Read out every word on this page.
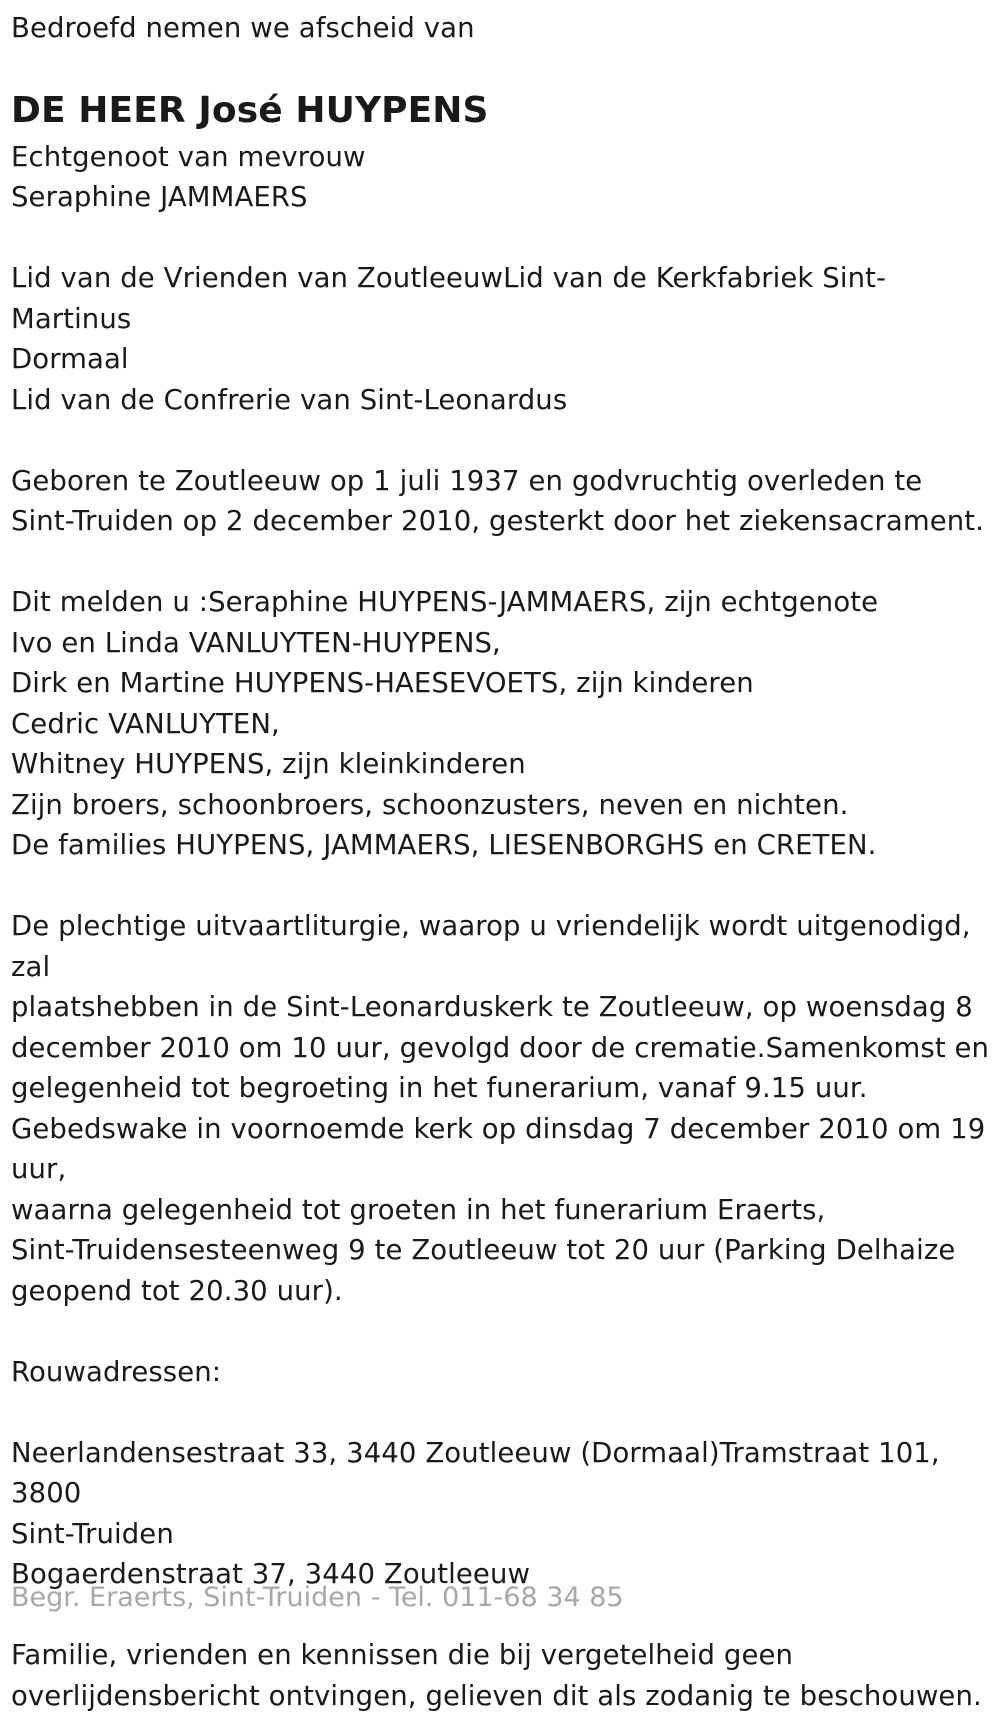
Bedroefd nemen we afscheid van
DE HEER José HUYPENS
Echtgenoot van mevrouw
Seraphine JAMMAERS
Lid van de Vrienden van ZoutleeuwLid van de Kerkfabriek Sint-Martinus
Dormaal
Lid van de Confrerie van Sint-Leonardus
Geboren te Zoutleeuw op 1 juli 1937 en godvruchtig overleden te
Sint-Truiden op 2 december 2010, gesterkt door het ziekensacrament.
Dit melden u :Seraphine HUYPENS-JAMMAERS, zijn echtgenote
Ivo en Linda VANLUYTEN-HUYPENS,
Dirk en Martine HUYPENS-HAESEVOETS, zijn kinderen
Cedric VANLUYTEN,
Whitney HUYPENS, zijn kleinkinderen
Zijn broers, schoonbroers, schoonzusters, neven en nichten.
De families HUYPENS, JAMMAERS, LIESENBORGHS en CRETEN.
De plechtige uitvaartliturgie, waarop u vriendelijk wordt uitgenodigd, zal
plaatshebben in de Sint-Leonarduskerk te Zoutleeuw, op woensdag 8
december 2010 om 10 uur, gevolgd door de crematie.Samenkomst en
gelegenheid tot begroeting in het funerarium, vanaf 9.15 uur.
Gebedswake in voornoemde kerk op dinsdag 7 december 2010 om 19 uur,
waarna gelegenheid tot groeten in het funerarium Eraerts,
Sint-Truidensesteenweg 9 te Zoutleeuw tot 20 uur (Parking Delhaize
geopend tot 20.30 uur).
Rouwadressen:
Neerlandensestraat 33, 3440 Zoutleeuw (Dormaal)Tramstraat 101, 3800
Sint-Truiden
Bogaerdenstraat 37, 3440 Zoutleeuw
Familie, vrienden en kennissen die bij vergetelheid geen
overlijdensbericht ontvingen, gelieven dit als zodanig te beschouwen.
Begr. Eraerts, Sint-Truiden - Tel. 011-68 34 85
